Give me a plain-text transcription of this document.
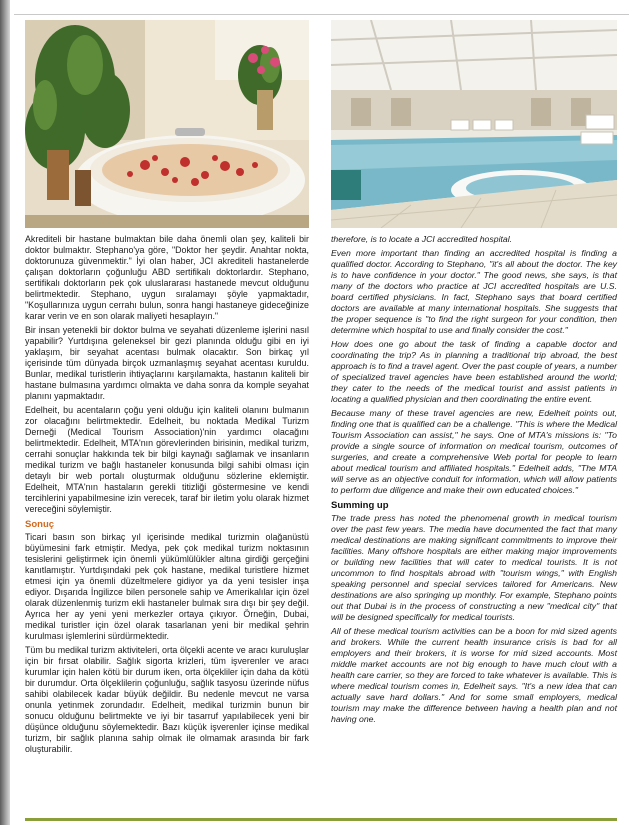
Akrediteli bir hastane bulmaktan bile daha önemli olan şey, kaliteli bir doktor bulmaktır. Stephano'ya göre, "Doktor her şeydir. Anahtar nokta, doktorunuza güvenmektir." İyi olan haber, JCI akrediteli hastanelerde çalışan doktorların çoğunluğu ABD sertifikalı doktorlardır. Stephano, sertifikalı doktorların pek çok uluslararası hastanede mevcut olduğunu belirtmektedir. Stephano, uygun sıralamayı şöyle yapmaktadır, "Koşullarınıza uygun cerrahı bulun, sonra hangi hastaneye gideceğinize karar verin ve en son olarak maliyeti hesaplayın."

Bir insan yetenekli bir doktor bulma ve seyahati düzenleme işlerini nasıl yapabilir? Yurtdışına geleneksel bir gezi planında olduğu gibi en iyi yaklaşım, bir seyahat acentası bulmak olacaktır. Son birkaç yıl içerisinde tüm dünyada birçok uzmanlaşmış seyahat acentası kuruldu. Bunlar, medikal turistlerin ihtiyaçlarını karşılamakta, hastanın kaliteli bir hastane bulmasına yardımcı olmakta ve daha sonra da komple seyahat planını yapmaktadır.

Edelheit, bu acentaların çoğu yeni olduğu için kaliteli olanını bulmanın zor olacağını belirtmektedir. Edelheit, bu noktada Medikal Turizm Derneği (Medical Tourism Association)'nin yardımcı olacağını belirtmektedir. Edelheit, MTA'nın görevlerinden birisinin, medikal turizm, cerrahi sonuçlar hakkında tek bir bilgi kaynağı sağlamak ve insanların medikal turizm ve bağlı hastaneler konusunda bilgi sahibi olması için detaylı bir web portalı oluşturmak olduğunu sözlerine eklemiştir. Edelheit, MTA'nın hastaların gerekli titizliği göstermesine ve kendi tercihlerini yapabilmesine izin verecek, taraf bir iletim yolu olarak hizmet vereceğini söylemiştir.

Sonuç

Ticari basın son birkaç yıl içerisinde medikal turizmin olağanüstü büyümesini fark etmiştir. Medya, pek çok medikal turizm noktasının tesislerini geliştirmek için önemli yükümlülükler altına girdiği gerçeğini kanıtlamıştır. Yurtdışındaki pek çok hastane, medikal turistlere hizmet etmesi için ya önemli düzeltmelere gidiyor ya da yeni tesisler inşa ediyor. Dışarıda İngilizce bilen personele sahip ve Amerikalılar için özel olarak düzenlenmiş turizm ekli hastaneler bulmak sıra dışı bir şey değil. Ayrıca her ay yeni yeni merkezler ortaya çıkıyor. Örneğin, Dubai, medikal turistler için özel olarak tasarlanan yeni bir medikal şehrin kurulması işlemlerini sürdürmektedir.

Tüm bu medikal turizm aktiviteleri, orta ölçekli acente ve aracı kuruluşlar için bir fırsat olabilir. Sağlık sigorta krizleri, tüm işverenler ve aracı kurumlar için halen kötü bir durum iken, orta ölçekliler için daha da kötü bir durumdur. Orta ölçeklilerin çoğunluğu, sağlık tasyosu üzerinde nüfus sahibi olabilecek kadar büyük değildir. Bu nedenle mevcut ne varsa onunla yetinmek zorundadır. Edelheit, medikal turizmin bunun bir sonucu olduğunu belirtmekte ve iyi bir tasarruf yapılabilecek yeni bir düşünce olduğunu söylemektedir. Bazı küçük işverenler içinse medikal turizm, bir sağlık planına sahip olmak ile olmamak arasında bir fark oluşturabilir.

therefore, is to locate a JCI accredited hospital.

Even more important than finding an accredited hospital is finding a qualified doctor. According to Stephano, "it's all about the doctor. The key is to have confidence in your doctor." The good news, she says, is that many of the doctors who practice at JCI accredited hospitals are U.S. board certified physicians. In fact, Stephano says that board certified doctors are available at many international hospitals. She suggests that the proper sequence is "to find the right surgeon for your condition, then determine which hospital to use and finally consider the cost."

How does one go about the task of finding a capable doctor and coordinating the trip? As in planning a traditional trip abroad, the best approach is to find a travel agent. Over the past couple of years, a number of specialized travel agencies have been established around the world; they cater to the needs of the medical tourist and assist patients in locating a qualified physician and then coordinating the entire event.

Because many of these travel agencies are new, Edelheit points out, finding one that is qualified can be a challenge. "This is where the Medical Tourism Association can assist," he says. One of MTA's missions is: "To provide a single source of information on medical tourism, outcomes of surgeries, and create a comprehensive Web portal for people to learn about medical tourism and affiliated hospitals." Edelheit adds, "The MTA will serve as an objective conduit for information, which will allow patients to perform due diligence and make their own educated choices."

Summing up

The trade press has noted the phenomenal growth in medical tourism over the past few years. The media have documented the fact that many medical destinations are making significant commitments to improve their facilities. Many offshore hospitals are either making major improvements or building new facilities that will cater to medical tourists. It is not uncommon to find hospitals abroad with "tourism wings," with English speaking personnel and special services tailored for Americans. New destinations are also springing up monthly. For example, Stephano points out that Dubai is in the process of constructing a new "medical city" that will be designed specifically for medical tourists.

All of these medical tourism activities can be a boon for mid sized agents and brokers. While the current health insurance crisis is bad for all employers and their brokers, it is worse for mid sized accounts. Most middle market accounts are not big enough to have much clout with a health care carrier, so they are forced to take whatever is available. This is where medical tourism comes in, Edelheit says. "It's a new idea that can actually save hard dollars." And for some small employers, medical tourism may make the difference between having a health plan and not having one.
